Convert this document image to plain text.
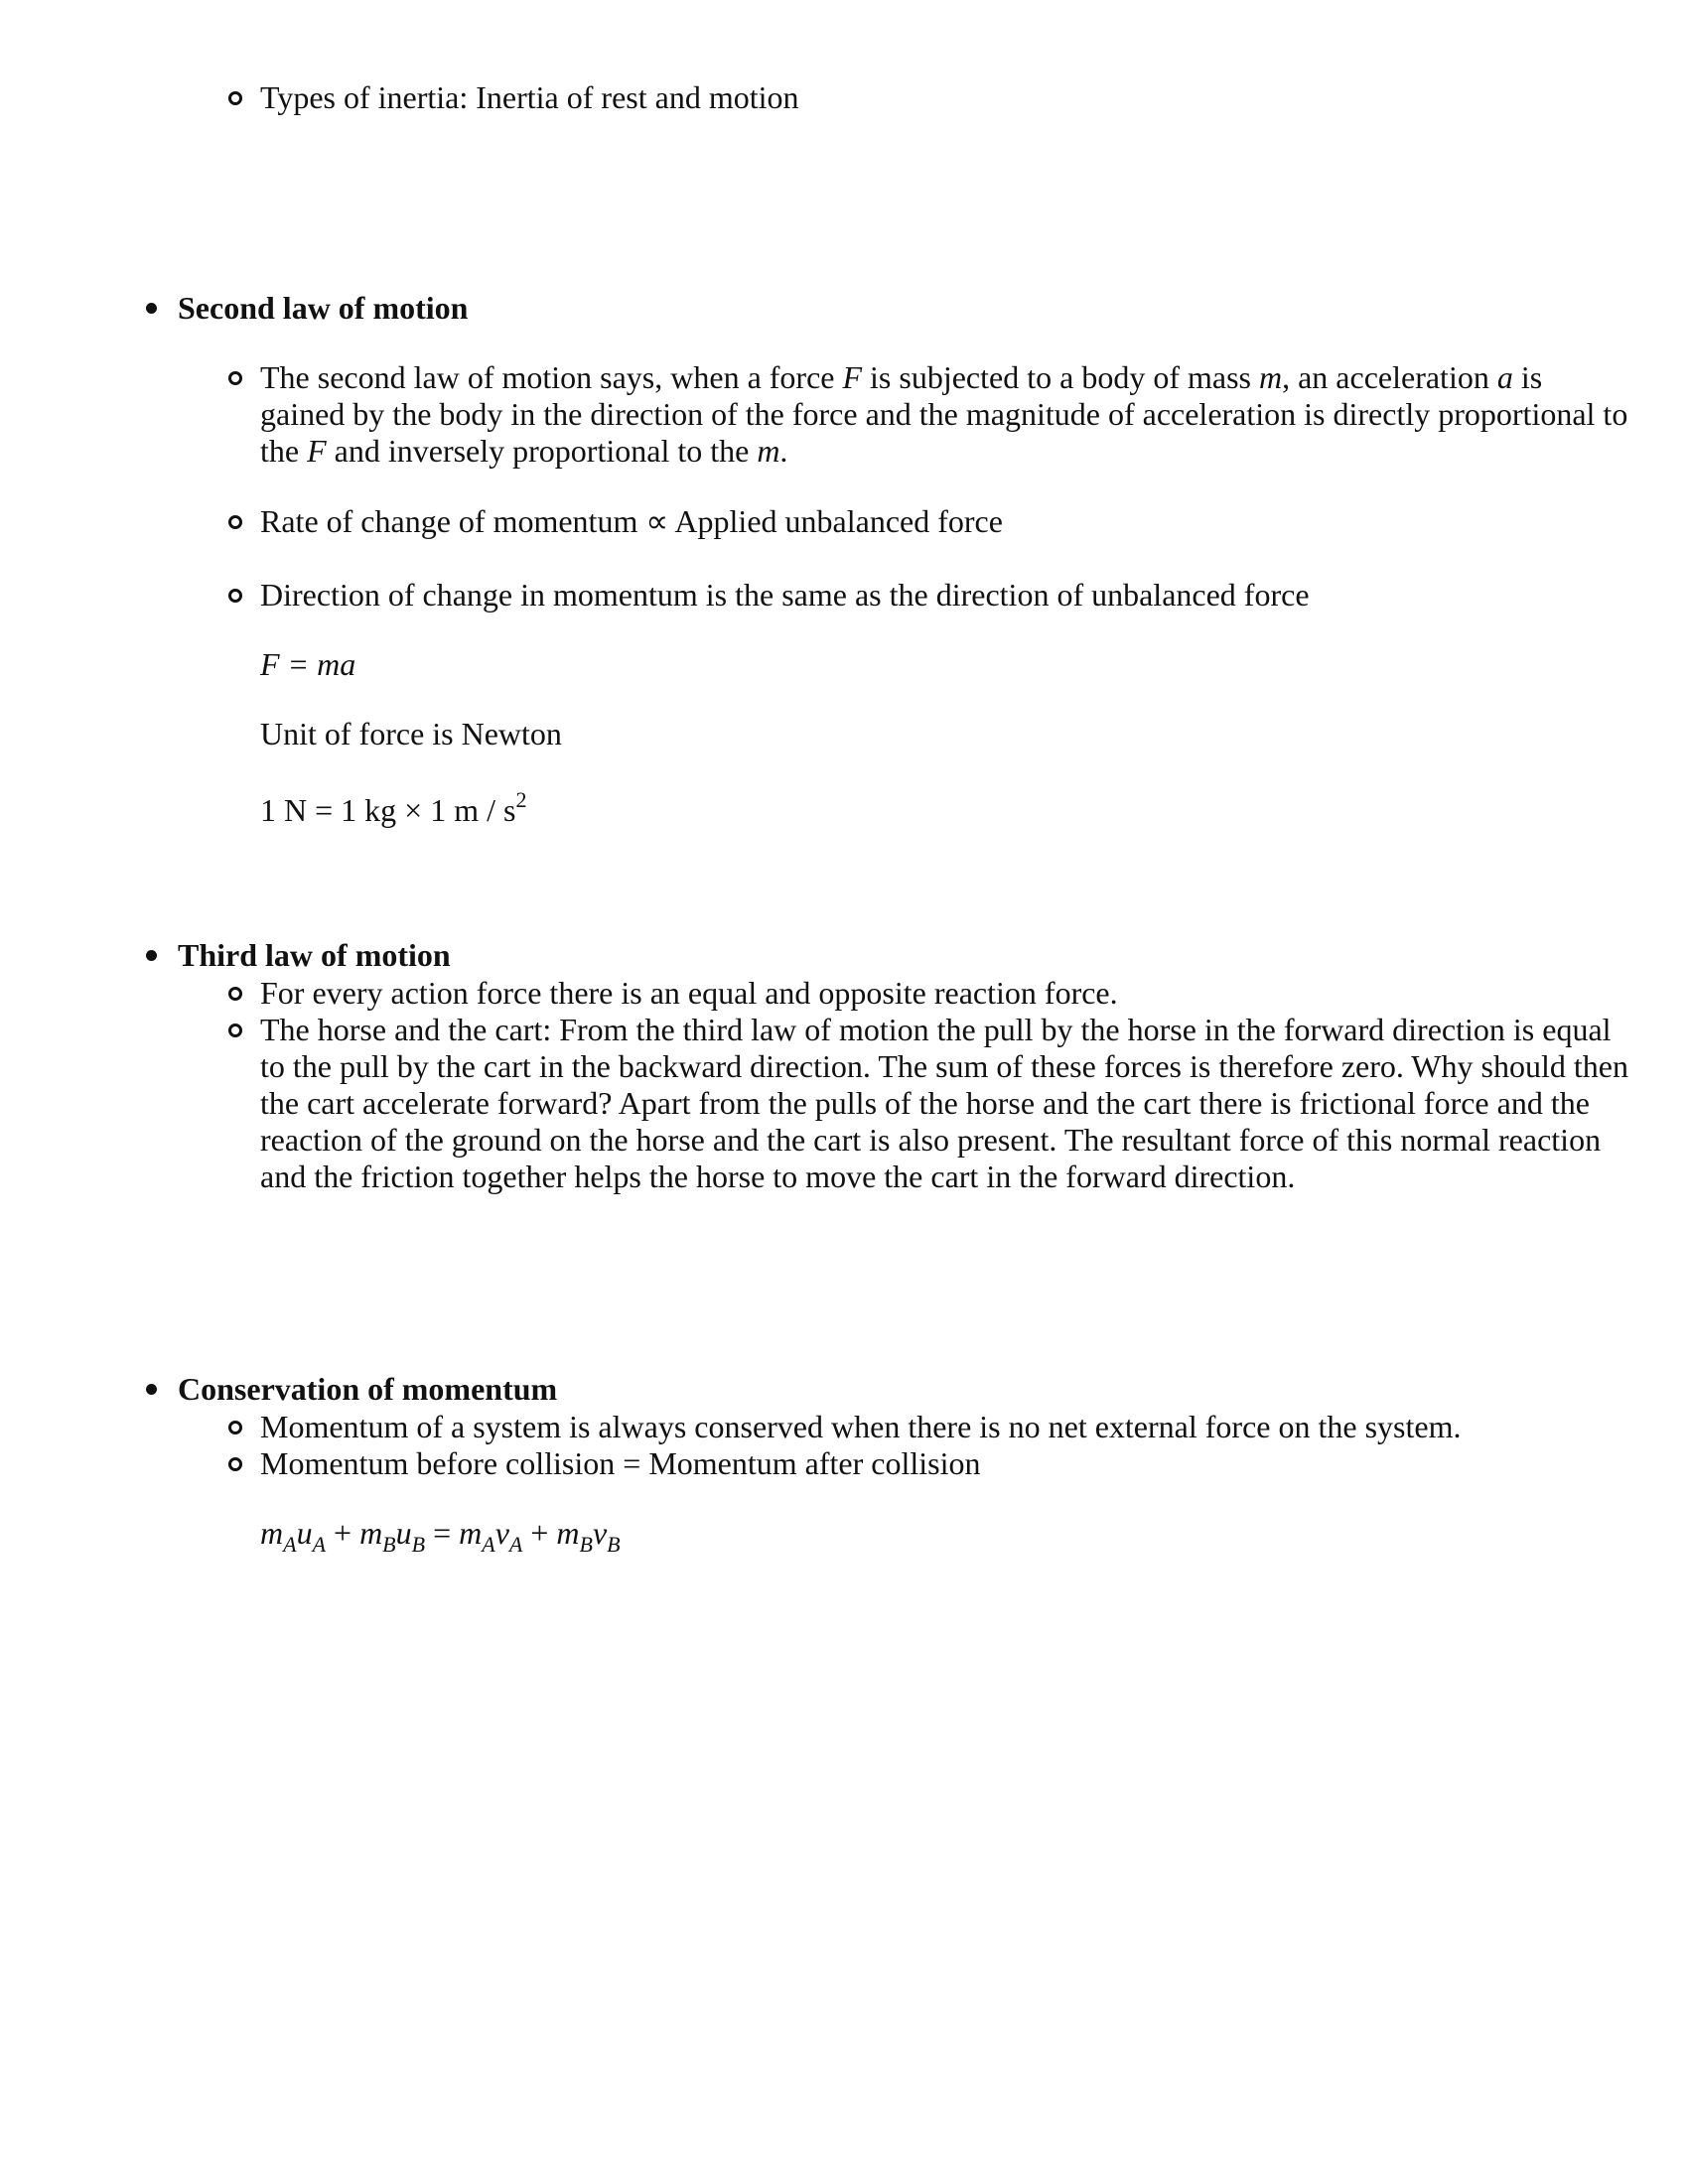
Types of inertia: Inertia of rest and motion
Second law of motion
The second law of motion says, when a force F is subjected to a body of mass m, an acceleration a is gained by the body in the direction of the force and the magnitude of acceleration is directly proportional to the F and inversely proportional to the m.
Rate of change of momentum ∝ Applied unbalanced force
Direction of change in momentum is the same as the direction of unbalanced force
F = ma
Unit of force is Newton
1 N = 1 kg × 1 m / $s^2$
Third law of motion
For every action force there is an equal and opposite reaction force.
The horse and the cart: From the third law of motion the pull by the horse in the forward direction is equal to the pull by the cart in the backward direction. The sum of these forces is therefore zero. Why should then the cart accelerate forward? Apart from the pulls of the horse and the cart there is frictional force and the reaction of the ground on the horse and the cart is also present. The resultant force of this normal reaction and the friction together helps the horse to move the cart in the forward direction.
Conservation of momentum
Momentum of a system is always conserved when there is no net external force on the system.
Momentum before collision = Momentum after collision
$m_Au_A + m_Bu_B = m_Av_A + m_Bv_B$
